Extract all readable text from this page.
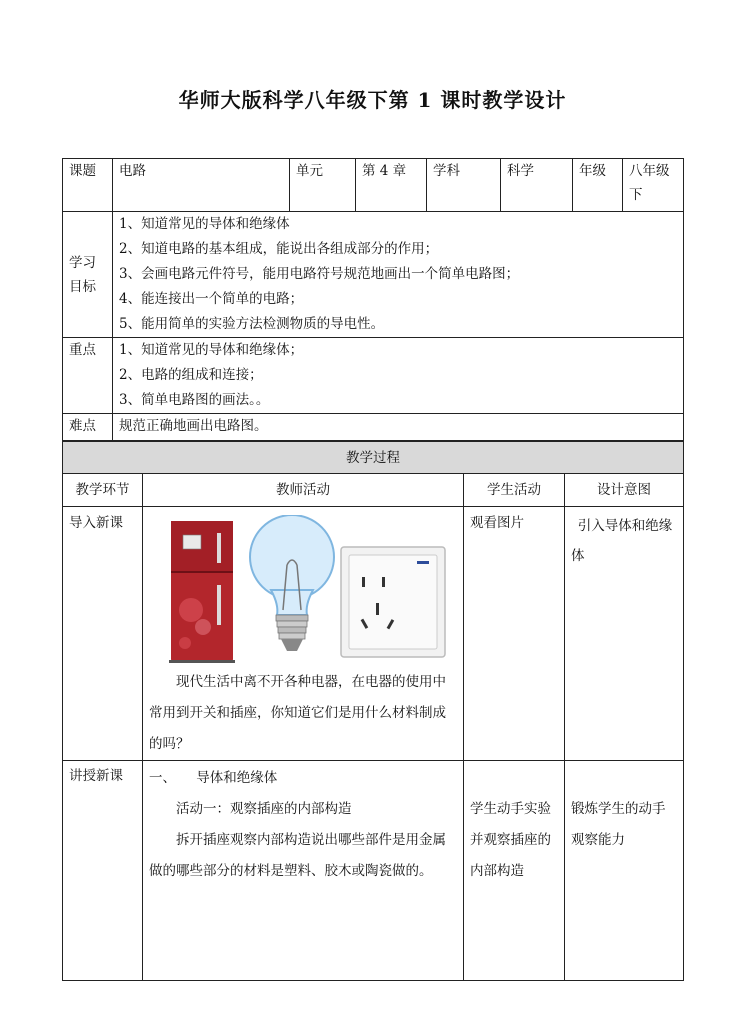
华师大版科学八年级下第 1 课时教学设计
课题	电路	单元	第 4 章	学科	科学	年级	八年级下
学习目标	1、知道常见的导体和绝缘体
2、知道电路的基本组成，能说出各组成部分的作用；
3、会画电路元件符号，能用电路符号规范地画出一个简单电路图；
4、能连接出一个简单的电路；
5、能用简单的实验方法检测物质的导电性。						

重点	1、知道常见的导体和绝缘体；
2、电路的组成和连接；
3、简单电路图的画法。。						

难点	规范正确地画出电路图。						
教学过程			
教学环节	教师活动	学生活动	设计意图
导入新课	现代生活中离不开各种电器，在电器的使用中常用到开关和插座，你知道它们是用什么材料制成的吗？	观看图片	引入导体和绝缘体
讲授新课	一、　　导体和绝缘体
活动一：观察插座的内部构造

拆开插座观察内部构造说出哪些部件是用金属做的哪些部分的材料是塑料、胶木或陶瓷做的。	学生动手实验并观察插座的内部构造	锻炼学生的动手观察能力
